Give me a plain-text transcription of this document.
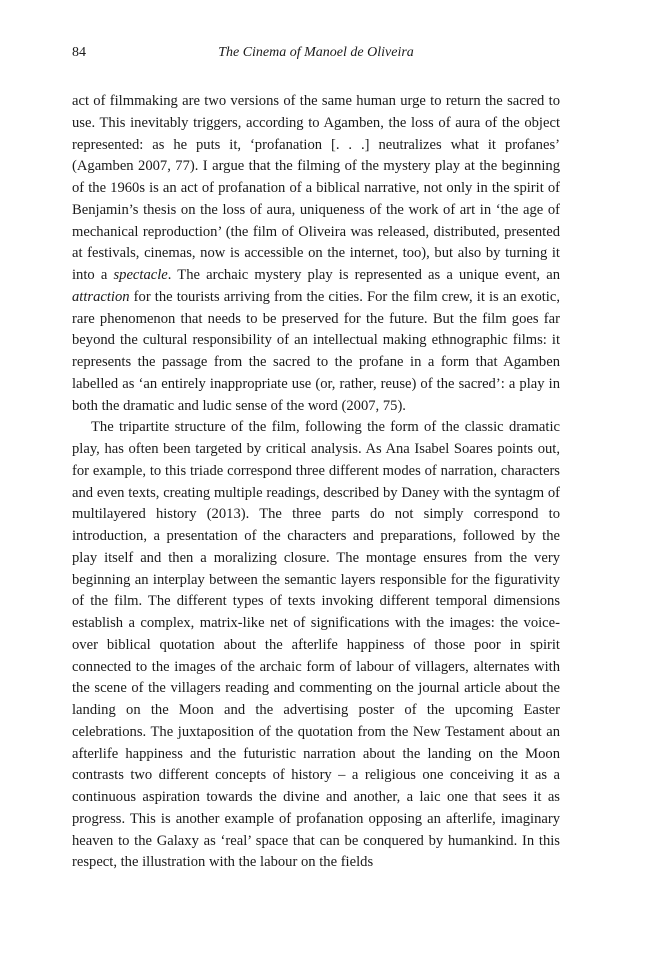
84	The Cinema of Manoel de Oliveira

act of filmmaking are two versions of the same human urge to return the sacred to use. This inevitably triggers, according to Agamben, the loss of aura of the object represented: as he puts it, ‘profanation [. . .] neutralizes what it profanes’ (Agamben 2007, 77). I argue that the filming of the mystery play at the beginning of the 1960s is an act of profanation of a biblical narrative, not only in the spirit of Benjamin’s thesis on the loss of aura, uniqueness of the work of art in ‘the age of mechanical reproduction’ (the film of Oliveira was released, distributed, presented at festivals, cinemas, now is accessible on the internet, too), but also by turning it into a spectacle. The archaic mystery play is represented as a unique event, an attraction for the tourists arriving from the cities. For the film crew, it is an exotic, rare phenomenon that needs to be preserved for the future. But the film goes far beyond the cultural responsibility of an intellectual making ethnographic films: it represents the passage from the sacred to the profane in a form that Agamben labelled as ‘an entirely inappropriate use (or, rather, reuse) of the sacred’: a play in both the dramatic and ludic sense of the word (2007, 75).

The tripartite structure of the film, following the form of the classic dramatic play, has often been targeted by critical analysis. As Ana Isabel Soares points out, for example, to this triade correspond three different modes of narration, characters and even texts, creating multiple readings, described by Daney with the syntagm of multilayered history (2013). The three parts do not simply correspond to introduction, a presentation of the characters and preparations, followed by the play itself and then a moralizing closure. The montage ensures from the very beginning an interplay between the semantic layers responsible for the figurativity of the film. The different types of texts invoking different temporal dimensions establish a complex, matrix-like net of significations with the images: the voice-over biblical quotation about the afterlife happiness of those poor in spirit connected to the images of the archaic form of labour of villagers, alternates with the scene of the villagers reading and commenting on the journal article about the landing on the Moon and the advertising poster of the upcoming Easter celebrations. The juxtaposition of the quotation from the New Testament about an afterlife happiness and the futuristic narration about the landing on the Moon contrasts two different concepts of history – a religious one conceiving it as a continuous aspiration towards the divine and another, a laic one that sees it as progress. This is another example of profanation opposing an afterlife, imaginary heaven to the Galaxy as ‘real’ space that can be conquered by humankind. In this respect, the illustration with the labour on the fields
